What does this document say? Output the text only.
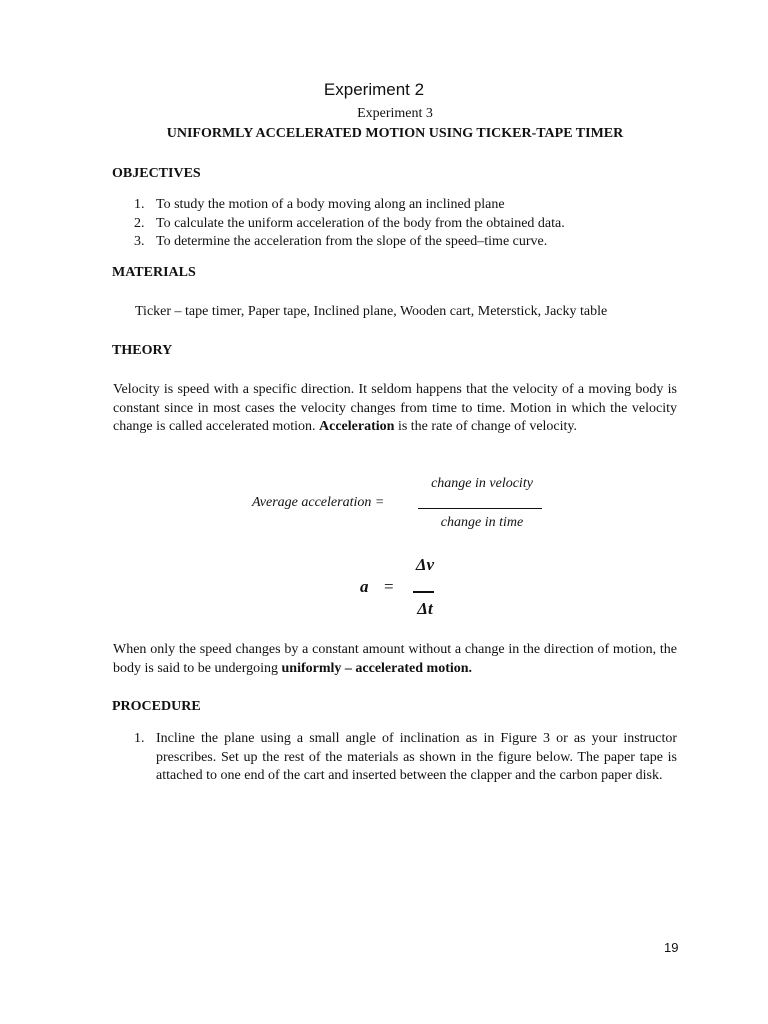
Experiment 2
Experiment 3
UNIFORMLY ACCELERATED MOTION USING TICKER-TAPE TIMER
OBJECTIVES
1. To study the motion of a body moving along an inclined plane
2. To calculate the uniform acceleration of the body from the obtained data.
3. To determine the acceleration from the slope of the speed–time curve.
MATERIALS
Ticker – tape timer, Paper tape, Inclined plane, Wooden cart, Meterstick, Jacky table
THEORY
Velocity is speed with a specific direction. It seldom happens that the velocity of a moving body is constant since in most cases the velocity changes from time to time. Motion in which the velocity change is called accelerated motion. Acceleration is the rate of change of velocity.
Average acceleration =
change in velocity
change in time
a =
Δv
Δt
When only the speed changes by a constant amount without a change in the direction of motion, the body is said to be undergoing uniformly – accelerated motion.
PROCEDURE
1. Incline the plane using a small angle of inclination as in Figure 3 or as your instructor prescribes. Set up the rest of the materials as shown in the figure below. The paper tape is attached to one end of the cart and inserted between the clapper and the carbon paper disk.
19
